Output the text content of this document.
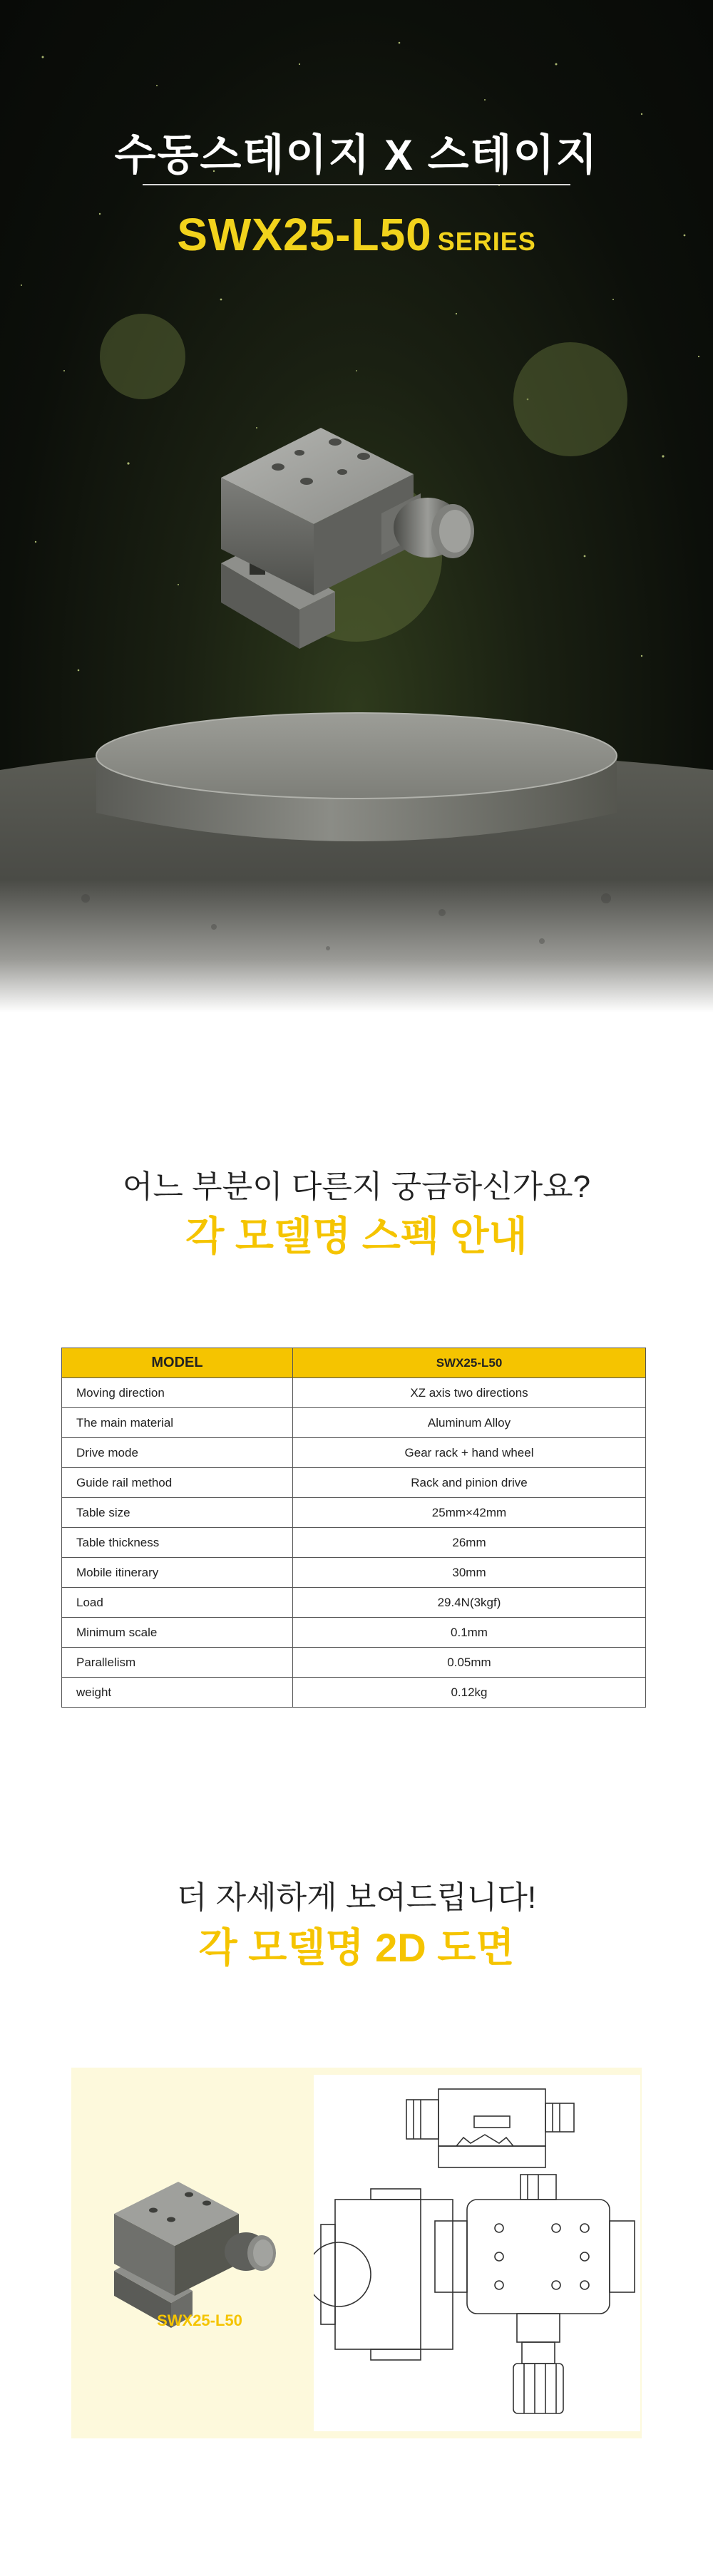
수동스테이지 X 스테이지
SWX25-L50 SERIES
어느 부분이 다른지 궁금하신가요?
각 모델명 스펙 안내
MODEL	SWX25-L50
Moving direction	XZ axis two directions
The main material	Aluminum Alloy
Drive mode	Gear rack + hand wheel
Guide rail method	Rack and pinion drive
Table size	25mm×42mm
Table thickness	26mm
Mobile itinerary	30mm
Load	29.4N(3kgf)
Minimum scale	0.1mm
Parallelism	0.05mm
weight	0.12kg
더 자세하게 보여드립니다!
각 모델명 2D 도면
SWX25-L50
